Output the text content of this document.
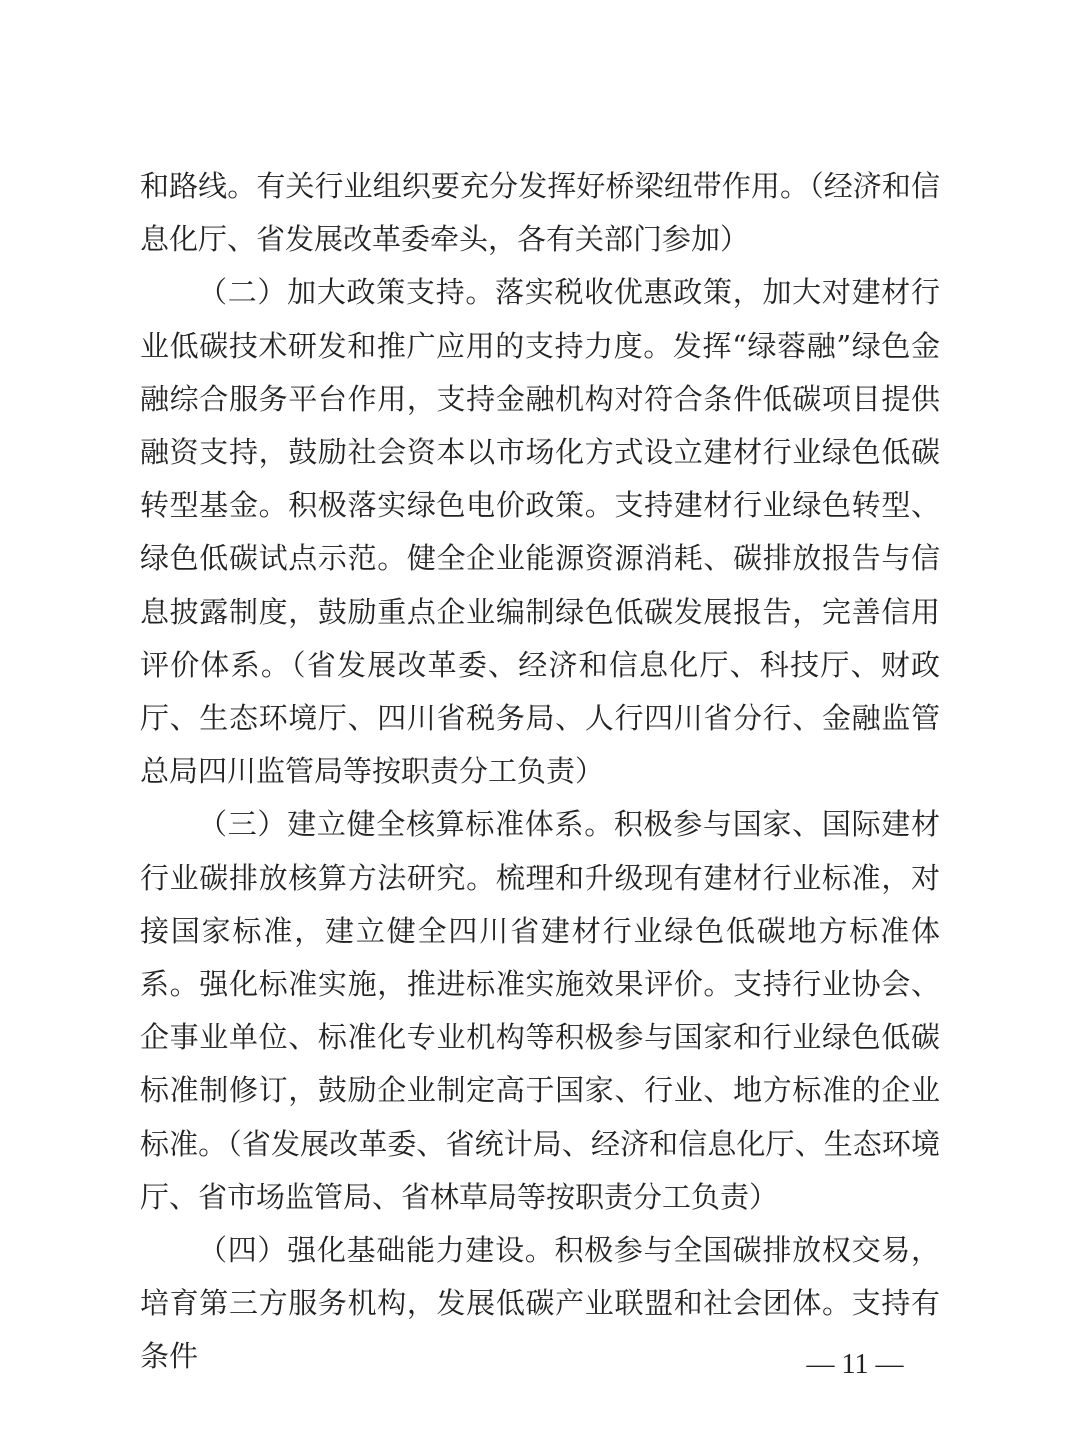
和路线。有关行业组织要充分发挥好桥梁纽带作用。（经济和信息化厅、省发展改革委牵头，各有关部门参加）

（二）加大政策支持。落实税收优惠政策，加大对建材行业低碳技术研发和推广应用的支持力度。发挥“绿蓉融”绿色金融综合服务平台作用，支持金融机构对符合条件低碳项目提供融资支持，鼓励社会资本以市场化方式设立建材行业绿色低碳转型基金。积极落实绿色电价政策。支持建材行业绿色转型、绿色低碳试点示范。健全企业能源资源消耗、碳排放报告与信息披露制度，鼓励重点企业编制绿色低碳发展报告，完善信用评价体系。（省发展改革委、经济和信息化厅、科技厅、财政厅、生态环境厅、四川省税务局、人行四川省分行、金融监管总局四川监管局等按职责分工负责）

（三）建立健全核算标准体系。积极参与国家、国际建材行业碳排放核算方法研究。梳理和升级现有建材行业标准，对接国家标准，建立健全四川省建材行业绿色低碳地方标准体系。强化标准实施，推进标准实施效果评价。支持行业协会、企事业单位、标准化专业机构等积极参与国家和行业绿色低碳标准制修订，鼓励企业制定高于国家、行业、地方标准的企业标准。（省发展改革委、省统计局、经济和信息化厅、生态环境厅、省市场监管局、省林草局等按职责分工负责）

（四）强化基础能力建设。积极参与全国碳排放权交易，培育第三方服务机构，发展低碳产业联盟和社会团体。支持有条件	— 11 —
